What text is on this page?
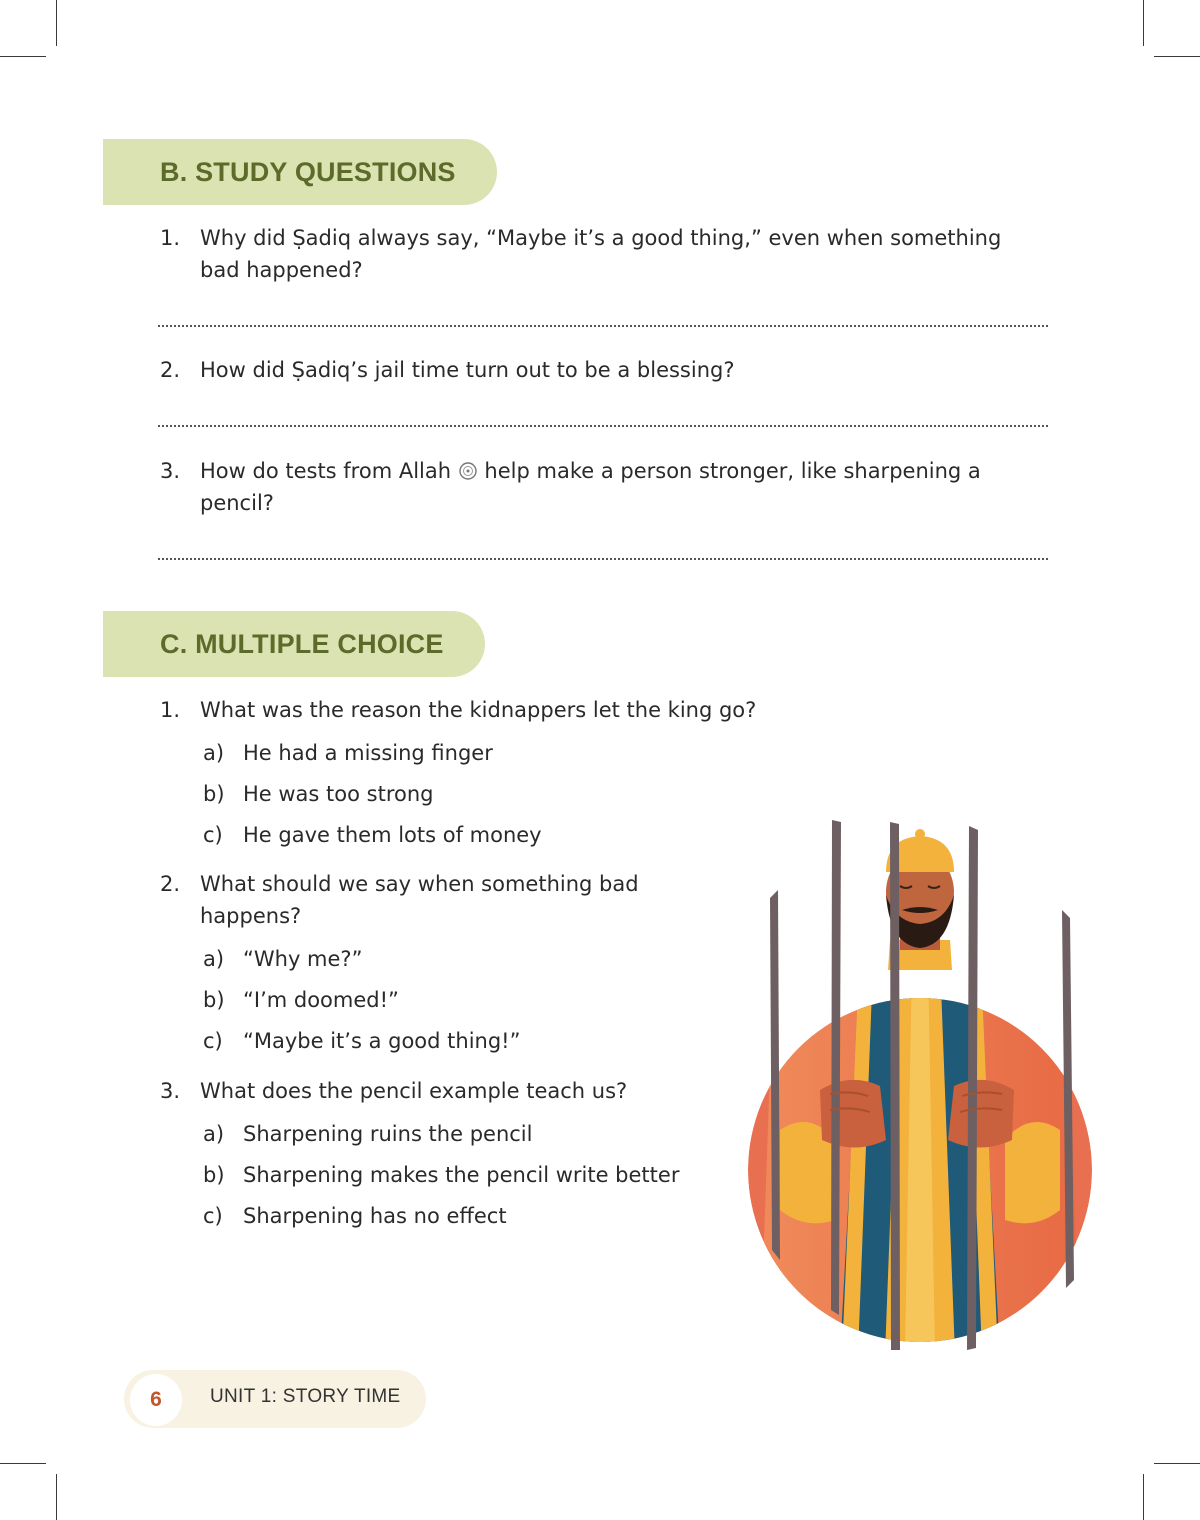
B. STUDY QUESTIONS
1. Why did Ṣadiq always say, “Maybe it’s a good thing,” even when something
bad happened?
2. How did Ṣadiq’s jail time turn out to be a blessing?
3. How do tests from Allah help make a person stronger, like sharpening a
pencil?
C. MULTIPLE CHOICE
1. What was the reason the kidnappers let the king go?
a) He had a missing finger
b) He was too strong
c) He gave them lots of money
2. What should we say when something bad
happens?
a) “Why me?”
b) “I’m doomed!”
c) “Maybe it’s a good thing!”
3. What does the pencil example teach us?
a) Sharpening ruins the pencil
b) Sharpening makes the pencil write better
c) Sharpening has no effect
6	UNIT 1: STORY TIME
